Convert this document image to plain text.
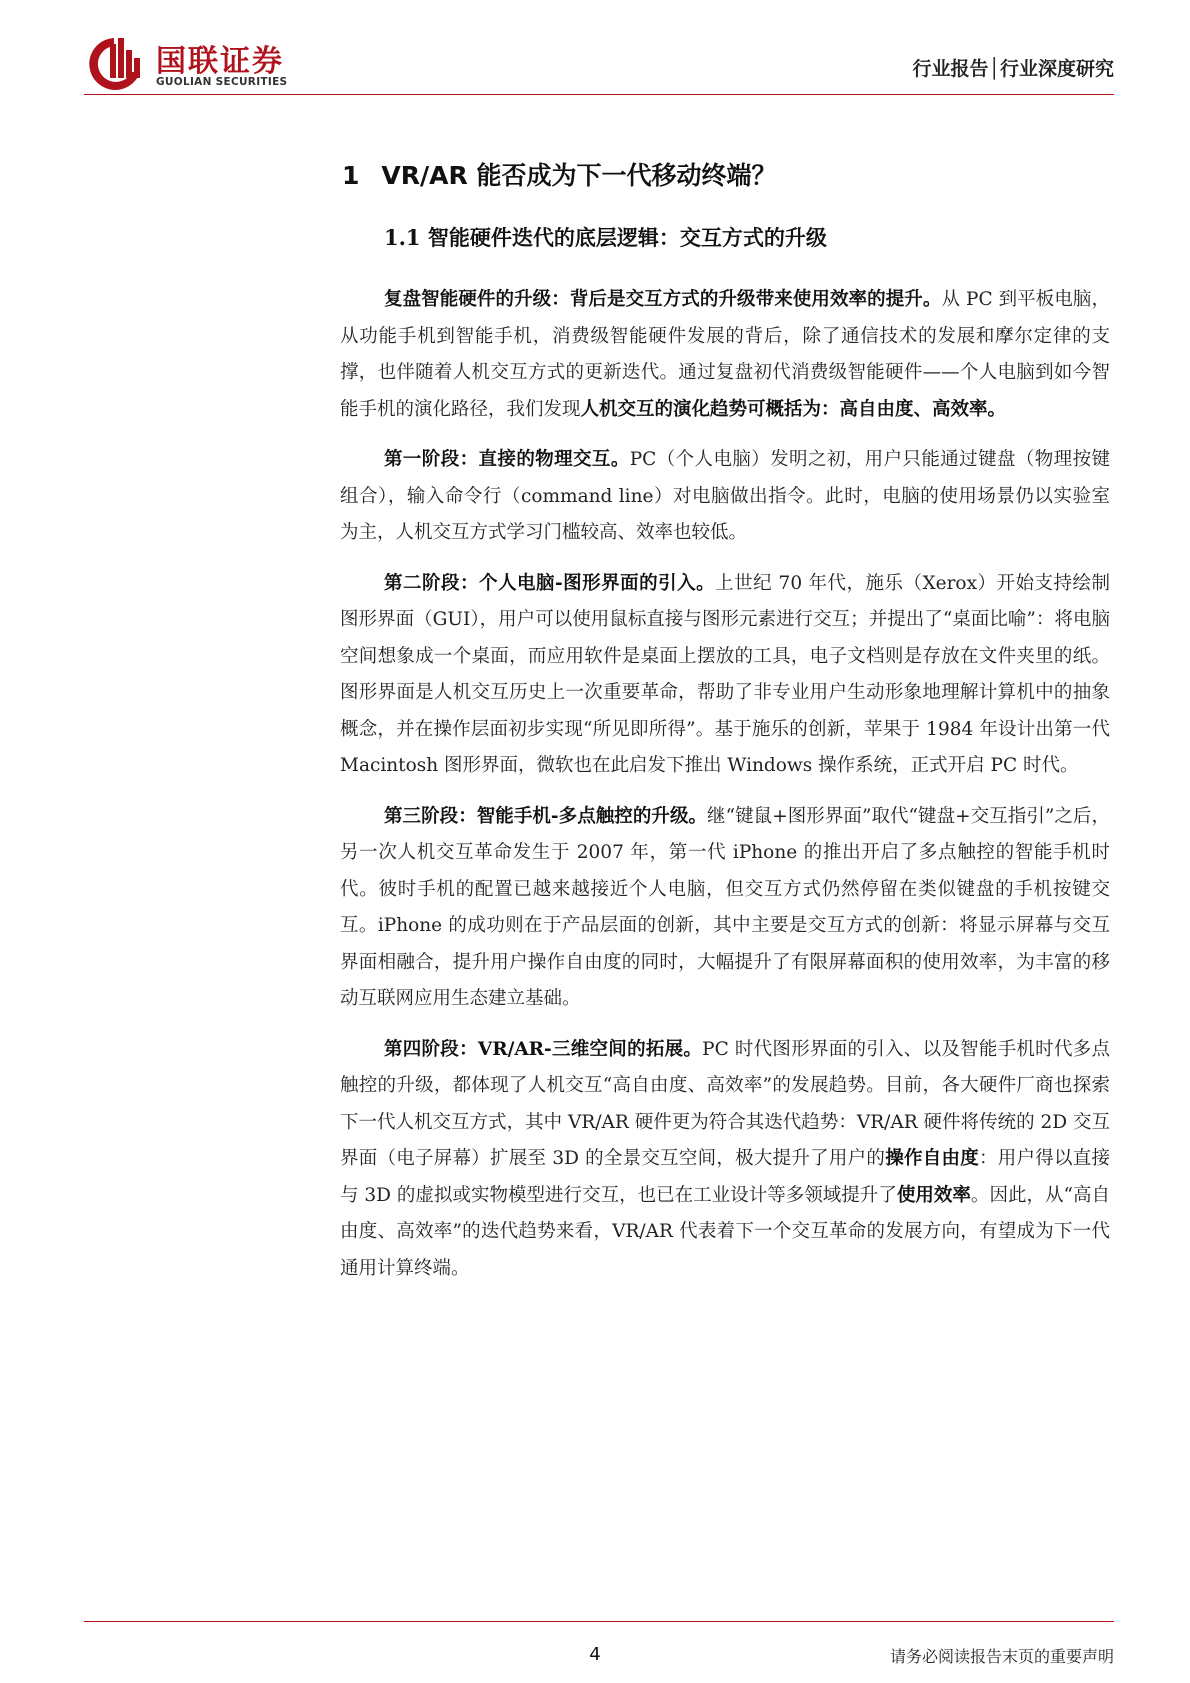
国联证券
GUOLIAN SECURITIES
行业报告│行业深度研究
1 VR/AR 能否成为下一代移动终端？
1.1 智能硬件迭代的底层逻辑：交互方式的升级

复盘智能硬件的升级：背后是交互方式的升级带来使用效率的提升。从 PC 到平板电脑，从功能手机到智能手机，消费级智能硬件发展的背后，除了通信技术的发展和摩尔定律的支撑，也伴随着人机交互方式的更新迭代。通过复盘初代消费级智能硬件——个人电脑到如今智能手机的演化路径，我们发现人机交互的演化趋势可概括为：高自由度、高效率。

第一阶段：直接的物理交互。PC（个人电脑）发明之初，用户只能通过键盘（物理按键组合），输入命令行（command line）对电脑做出指令。此时，电脑的使用场景仍以实验室为主，人机交互方式学习门槛较高、效率也较低。

第二阶段：个人电脑-图形界面的引入。上世纪 70 年代，施乐（Xerox）开始支持绘制图形界面（GUI），用户可以使用鼠标直接与图形元素进行交互；并提出了“桌面比喻”：将电脑空间想象成一个桌面，而应用软件是桌面上摆放的工具，电子文档则是存放在文件夹里的纸。图形界面是人机交互历史上一次重要革命，帮助了非专业用户生动形象地理解计算机中的抽象概念，并在操作层面初步实现“所见即所得”。基于施乐的创新，苹果于 1984 年设计出第一代 Macintosh 图形界面，微软也在此启发下推出 Windows 操作系统，正式开启 PC 时代。

第三阶段：智能手机-多点触控的升级。继“键鼠+图形界面”取代“键盘+交互指引”之后，另一次人机交互革命发生于 2007 年，第一代 iPhone 的推出开启了多点触控的智能手机时代。彼时手机的配置已越来越接近个人电脑，但交互方式仍然停留在类似键盘的手机按键交互。iPhone 的成功则在于产品层面的创新，其中主要是交互方式的创新：将显示屏幕与交互界面相融合，提升用户操作自由度的同时，大幅提升了有限屏幕面积的使用效率，为丰富的移动互联网应用生态建立基础。

第四阶段：VR/AR-三维空间的拓展。PC 时代图形界面的引入、以及智能手机时代多点触控的升级，都体现了人机交互“高自由度、高效率”的发展趋势。目前，各大硬件厂商也探索下一代人机交互方式，其中 VR/AR 硬件更为符合其迭代趋势：VR/AR 硬件将传统的 2D 交互界面（电子屏幕）扩展至 3D 的全景交互空间，极大提升了用户的操作自由度：用户得以直接与 3D 的虚拟或实物模型进行交互，也已在工业设计等多领域提升了使用效率。因此，从“高自由度、高效率”的迭代趋势来看，VR/AR 代表着下一个交互革命的发展方向，有望成为下一代通用计算终端。

4	请务必阅读报告末页的重要声明
